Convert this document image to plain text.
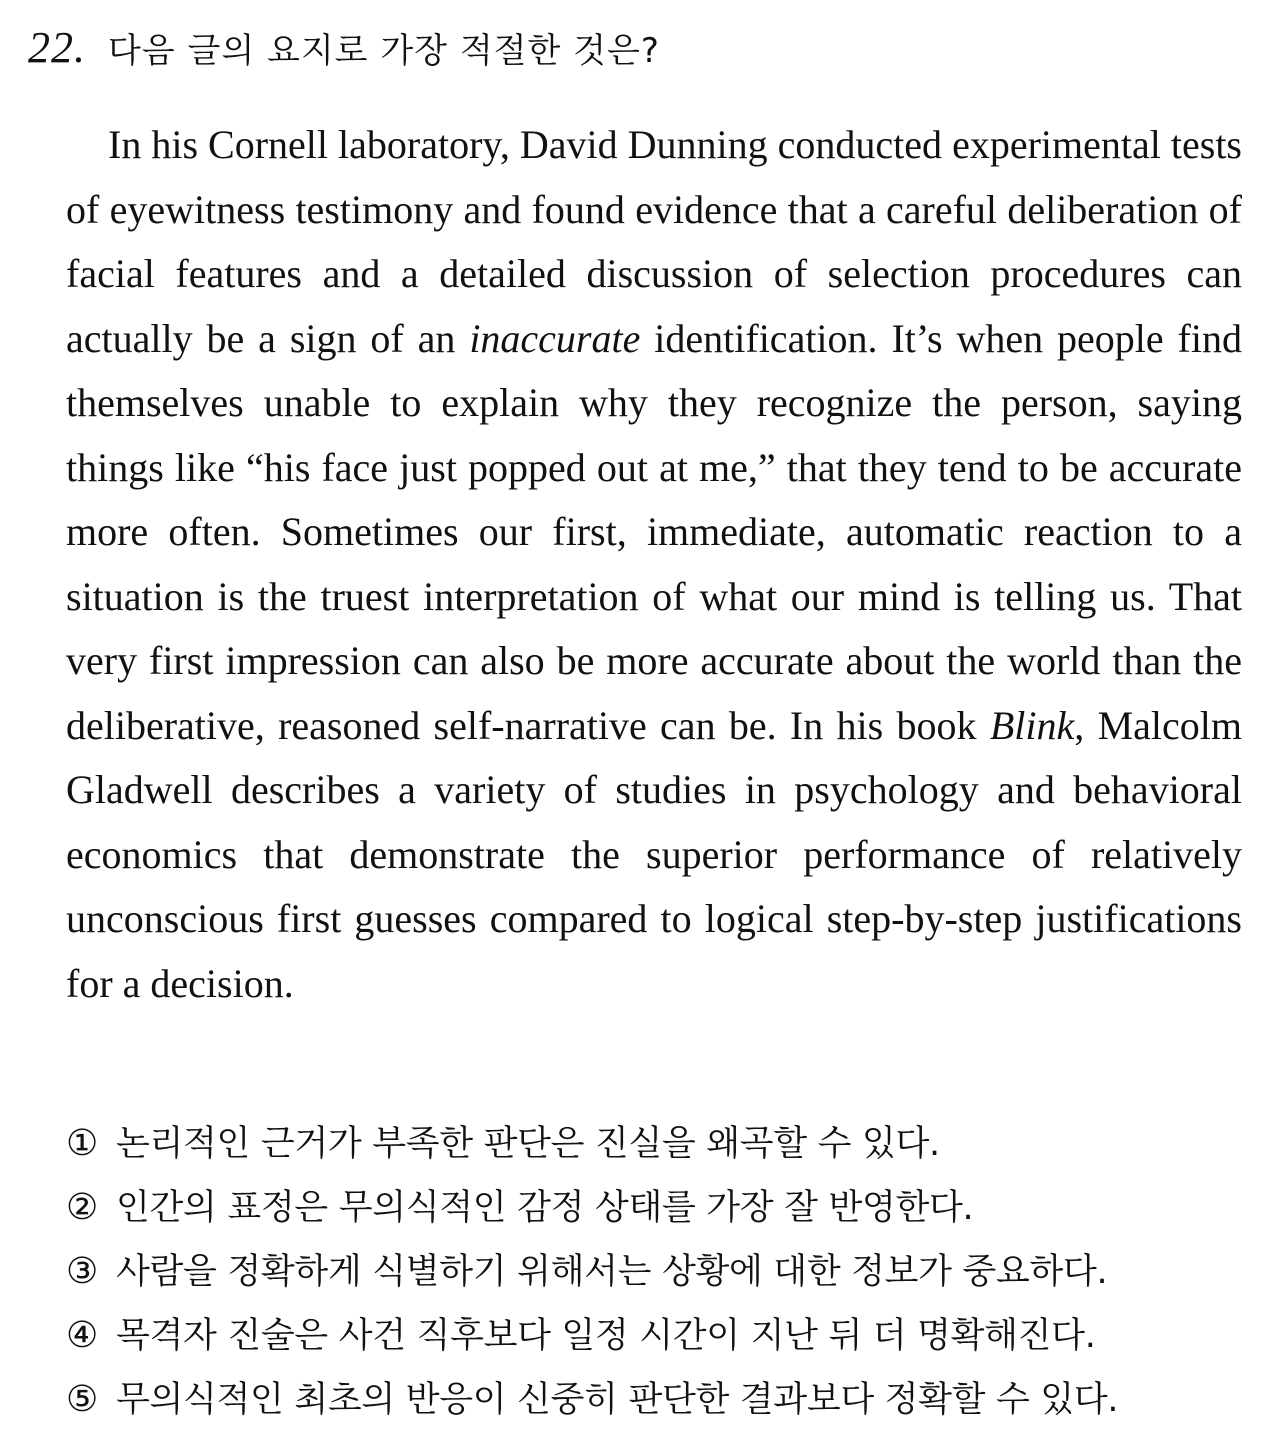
22. 다음 글의 요지로 가장 적절한 것은?

In his Cornell laboratory, David Dunning conducted experimental tests of eyewitness testimony and found evidence that a careful deliberation of facial features and a detailed discussion of selection procedures can actually be a sign of an inaccurate identification. It’s when people find themselves unable to explain why they recognize the person, saying things like “his face just popped out at me,” that they tend to be accurate more often. Sometimes our first, immediate, automatic reaction to a situation is the truest interpretation of what our mind is telling us. That very first impression can also be more accurate about the world than the deliberative, reasoned self-narrative can be. In his book Blink, Malcolm Gladwell describes a variety of studies in psychology and behavioral economics that demonstrate the superior performance of relatively unconscious first guesses compared to logical step-by-step justifications for a decision.

① 논리적인 근거가 부족한 판단은 진실을 왜곡할 수 있다.
② 인간의 표정은 무의식적인 감정 상태를 가장 잘 반영한다.
③ 사람을 정확하게 식별하기 위해서는 상황에 대한 정보가 중요하다.
④ 목격자 진술은 사건 직후보다 일정 시간이 지난 뒤 더 명확해진다.
⑤ 무의식적인 최초의 반응이 신중히 판단한 결과보다 정확할 수 있다.
